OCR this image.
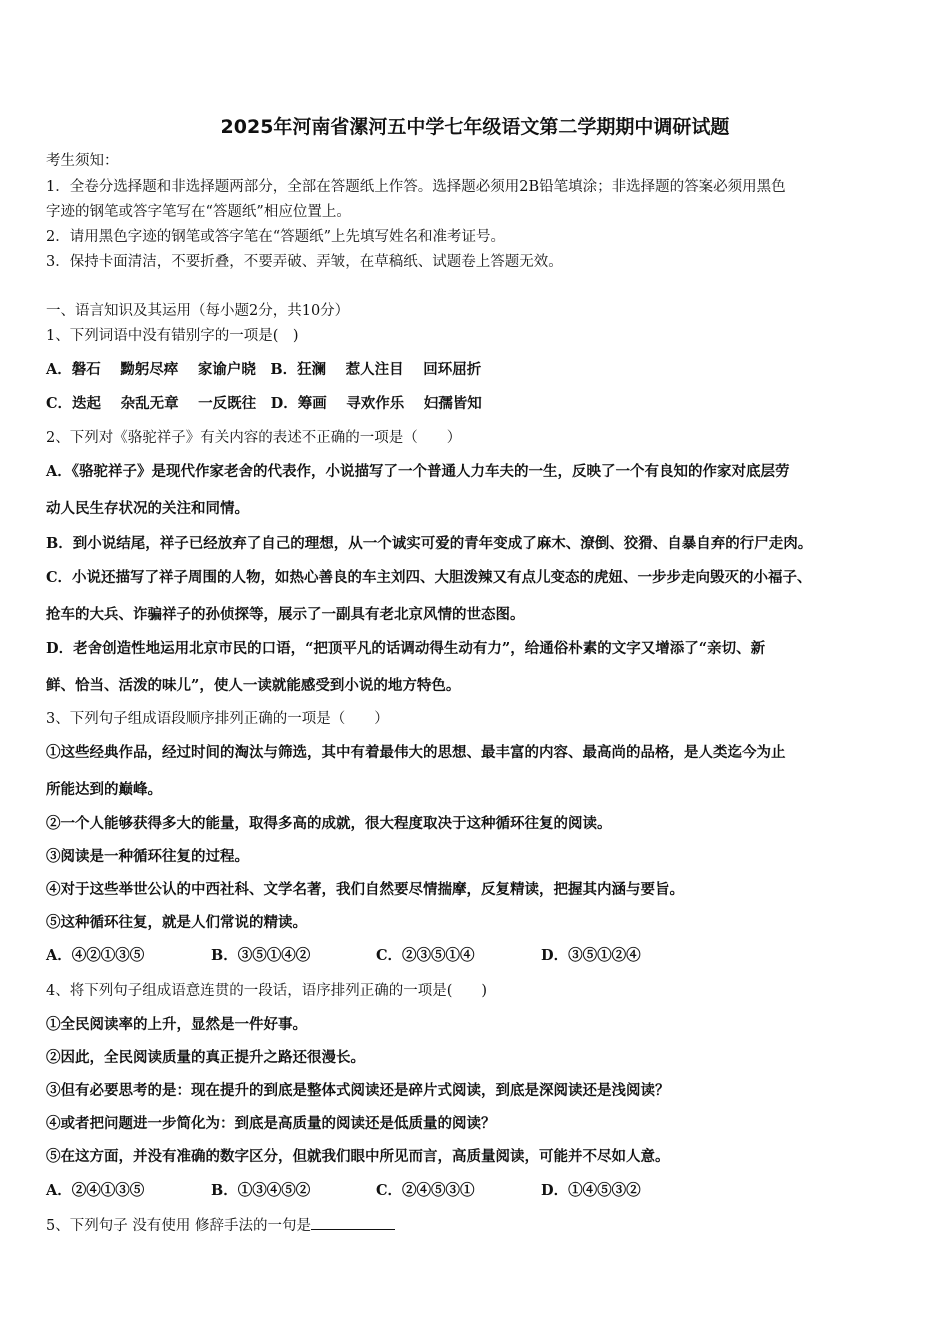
2025年河南省漯河五中学七年级语文第二学期期中调研试题
考生须知：
1．全卷分选择题和非选择题两部分，全部在答题纸上作答。选择题必须用2B铅笔填涂；非选择题的答案必须用黑色
字迹的钢笔或答字笔写在“答题纸”相应位置上。
2．请用黑色字迹的钢笔或答字笔在“答题纸”上先填写姓名和准考证号。
3．保持卡面清洁，不要折叠，不要弄破、弄皱，在草稿纸、试题卷上答题无效。
一、语言知识及其运用（每小题2分，共10分）
1、下列词语中没有错别字的一项是(　)
A．磐石　 黝躬尽瘁　 家谕户晓　B．狂澜　 惹人注目　 回环屈折
C．迭起　 杂乱无章　 一反既往　D．筹画　 寻欢作乐　 妇孺皆知
2、下列对《骆驼祥子》有关内容的表述不正确的一项是（　　）
A．《骆驼祥子》是现代作家老舍的代表作，小说描写了一个普通人力车夫的一生，反映了一个有良知的作家对底层劳
动人民生存状况的关注和同情。
B．到小说结尾，祥子已经放弃了自己的理想，从一个诚实可爱的青年变成了麻木、潦倒、狡猾、自暴自弃的行尸走肉。
C．小说还描写了祥子周围的人物，如热心善良的车主刘四、大胆泼辣又有点儿变态的虎妞、一步步走向毁灭的小福子、
抢车的大兵、诈骗祥子的孙侦探等，展示了一副具有老北京风情的世态图。
D．老舍创造性地运用北京市民的口语，“把顶平凡的话调动得生动有力”，给通俗朴素的文字又增添了“亲切、新
鲜、恰当、活泼的味儿”，使人一读就能感受到小说的地方特色。
3、下列句子组成语段顺序排列正确的一项是（　　）
①这些经典作品，经过时间的淘汰与筛选，其中有着最伟大的思想、最丰富的内容、最高尚的品格，是人类迄今为止
所能达到的巅峰。
②一个人能够获得多大的能量，取得多高的成就，很大程度取决于这种循环往复的阅读。
③阅读是一种循环往复的过程。
④对于这些举世公认的中西社科、文学名著，我们自然要尽情揣摩，反复精读，把握其内涵与要旨。
⑤这种循环往复，就是人们常说的精读。
A．④②①③⑤	B．③⑤①④②	C．②③⑤①④	D．③⑤①②④
4、将下列句子组成语意连贯的一段话，语序排列正确的一项是(　　)
①全民阅读率的上升，显然是一件好事。
②因此，全民阅读质量的真正提升之路还很漫长。
③但有必要思考的是：现在提升的到底是整体式阅读还是碎片式阅读，到底是深阅读还是浅阅读？
④或者把问题进一步简化为：到底是高质量的阅读还是低质量的阅读？
⑤在这方面，并没有准确的数字区分，但就我们眼中所见而言，高质量阅读，可能并不尽如人意。
A．②④①③⑤	B．①③④⑤②	C．②④⑤③①	D．①④⑤③②
5、下列句子 没有使用 修辞手法的一句是
